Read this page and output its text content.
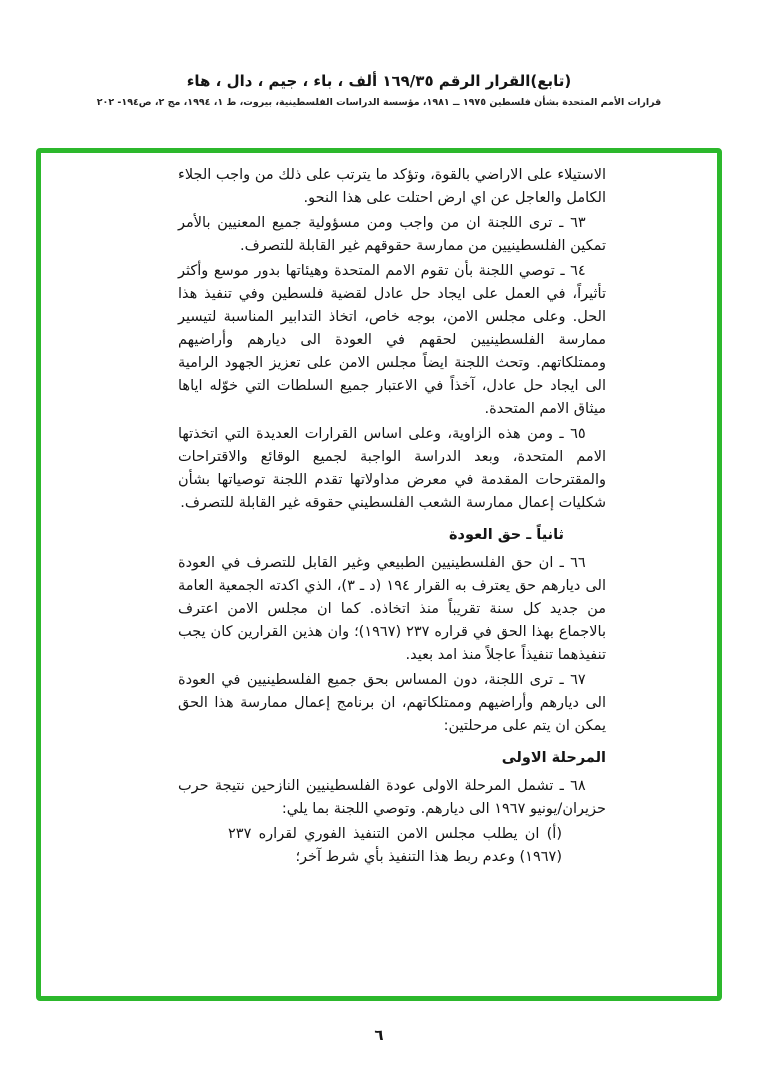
(تابع)القرار الرقم ١٦٩/٣٥ ألف ، باء ، جيم ، دال ، هاء
قرارات الأمم المتحدة بشأن فلسطين ١٩٧٥ ــ ١٩٨١، مؤسسة الدراسات الفلسطينية، بيروت، ط ١، ١٩٩٤، مج ٢، ص١٩٤- ٢٠٢
الاستيلاء على الاراضي بالقوة، وتؤكد ما يترتب على ذلك من واجب الجلاء الكامل والعاجل عن اي ارض احتلت على هذا النحو.
٦٣ ـ ترى اللجنة ان من واجب ومن مسؤولية جميع المعنيين بالأمر تمكين الفلسطينيين من ممارسة حقوقهم غير القابلة للتصرف.
٦٤ ـ توصي اللجنة بأن تقوم الامم المتحدة وهيئاتها بدور موسع وأكثر تأثيراً، في العمل على ايجاد حل عادل لقضية فلسطين وفي تنفيذ هذا الحل. وعلى مجلس الامن، بوجه خاص، اتخاذ التدابير المناسبة لتيسير ممارسة الفلسطينيين لحقهم في العودة الى ديارهم وأراضيهم وممتلكاتهم. وتحث اللجنة ايضاً مجلس الامن على تعزيز الجهود الرامية الى ايجاد حل عادل، آخذاً في الاعتبار جميع السلطات التي خوّله اياها ميثاق الامم المتحدة.
٦٥ ـ ومن هذه الزاوية، وعلى اساس القرارات العديدة التي اتخذتها الامم المتحدة، وبعد الدراسة الواجبة لجميع الوقائع والاقتراحات والمقترحات المقدمة في معرض مداولاتها تقدم اللجنة توصياتها بشأن شكليات إعمال ممارسة الشعب الفلسطيني حقوقه غير القابلة للتصرف.
ثانياً ـ حق العودة
٦٦ ـ ان حق الفلسطينيين الطبيعي وغير القابل للتصرف في العودة الى ديارهم حق يعترف به القرار ١٩٤ (د ـ ٣)، الذي اكدته الجمعية العامة من جديد كل سنة تقريباً منذ اتخاذه. كما ان مجلس الامن اعترف بالاجماع بهذا الحق في قراره ٢٣٧ (١٩٦٧)؛ وان هذين القرارين كان يجب تنفيذهما تنفيذاً عاجلاً منذ امد بعيد.
٦٧ ـ ترى اللجنة، دون المساس بحق جميع الفلسطينيين في العودة الى ديارهم وأراضيهم وممتلكاتهم، ان برنامج إعمال ممارسة هذا الحق يمكن ان يتم على مرحلتين:
المرحلة الاولى
٦٨ ـ تشمل المرحلة الاولى عودة الفلسطينيين النازحين نتيجة حرب حزيران/يونيو ١٩٦٧ الى ديارهم. وتوصي اللجنة بما يلي:
(أ) ان يطلب مجلس الامن التنفيذ الفوري لقراره ٢٣٧ (١٩٦٧) وعدم ربط هذا التنفيذ بأي شرط آخر؛
٦
